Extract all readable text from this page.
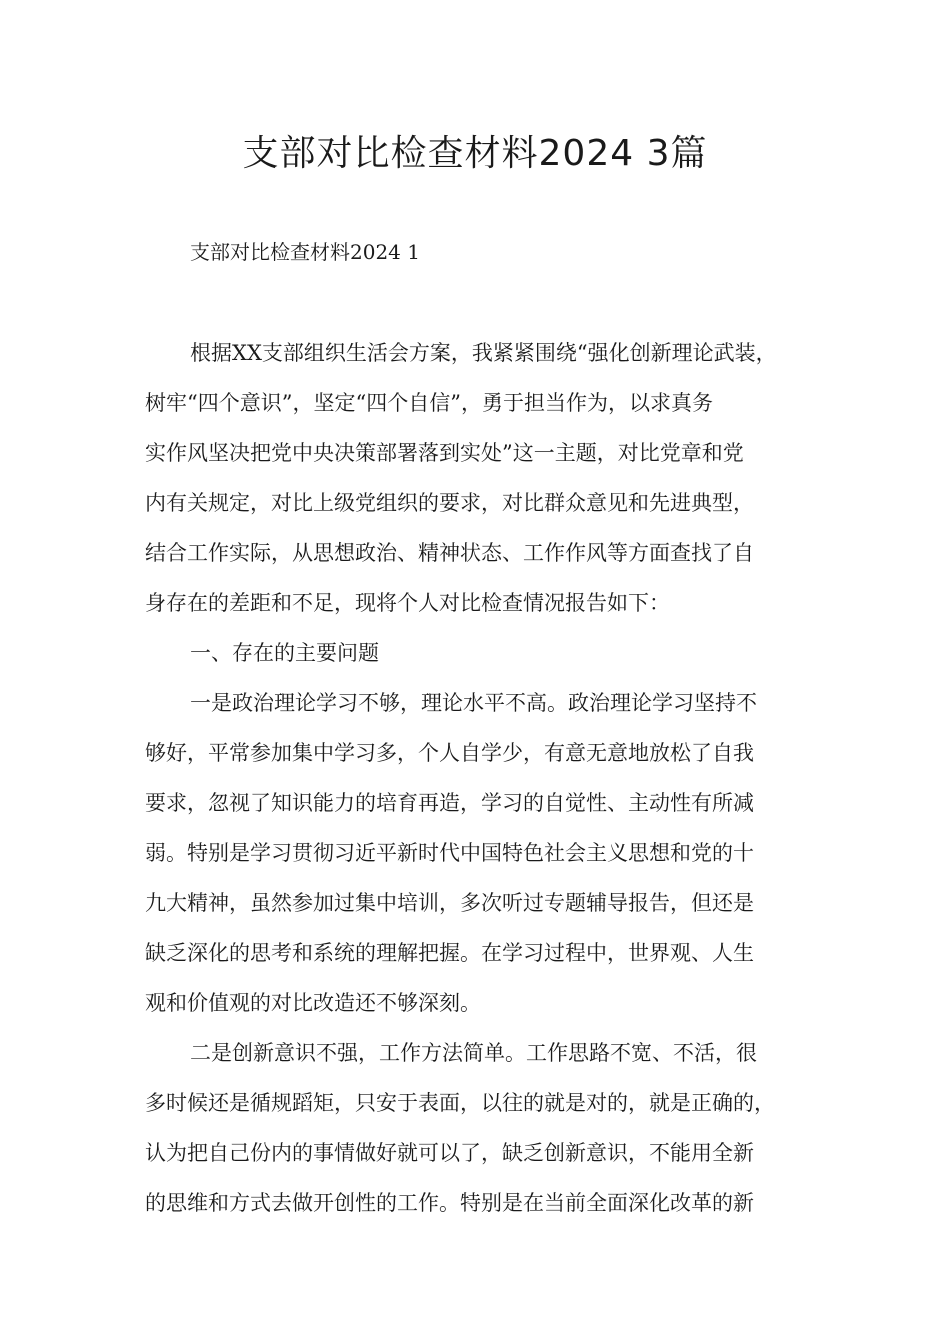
支部对比检查材料2024 3篇

支部对比检查材料2024 1

根据XX支部组织生活会方案，我紧紧围绕“强化创新理论武装，
树牢“四个意识”，坚定“四个自信”，勇于担当作为，以求真务
实作风坚决把党中央决策部署落到实处”这一主题，对比党章和党
内有关规定，对比上级党组织的要求，对比群众意见和先进典型，
结合工作实际，从思想政治、精神状态、工作作风等方面查找了自
身存在的差距和不足，现将个人对比检查情况报告如下：
一、存在的主要问题
一是政治理论学习不够，理论水平不高。政治理论学习坚持不
够好，平常参加集中学习多，个人自学少，有意无意地放松了自我
要求，忽视了知识能力的培育再造，学习的自觉性、主动性有所减
弱。特别是学习贯彻习近平新时代中国特色社会主义思想和党的十
九大精神，虽然参加过集中培训，多次听过专题辅导报告，但还是
缺乏深化的思考和系统的理解把握。在学习过程中，世界观、人生
观和价值观的对比改造还不够深刻。
二是创新意识不强，工作方法简单。工作思路不宽、不活，很
多时候还是循规蹈矩，只安于表面，以往的就是对的，就是正确的，
认为把自己份内的事情做好就可以了，缺乏创新意识，不能用全新
的思维和方式去做开创性的工作。特别是在当前全面深化改革的新
